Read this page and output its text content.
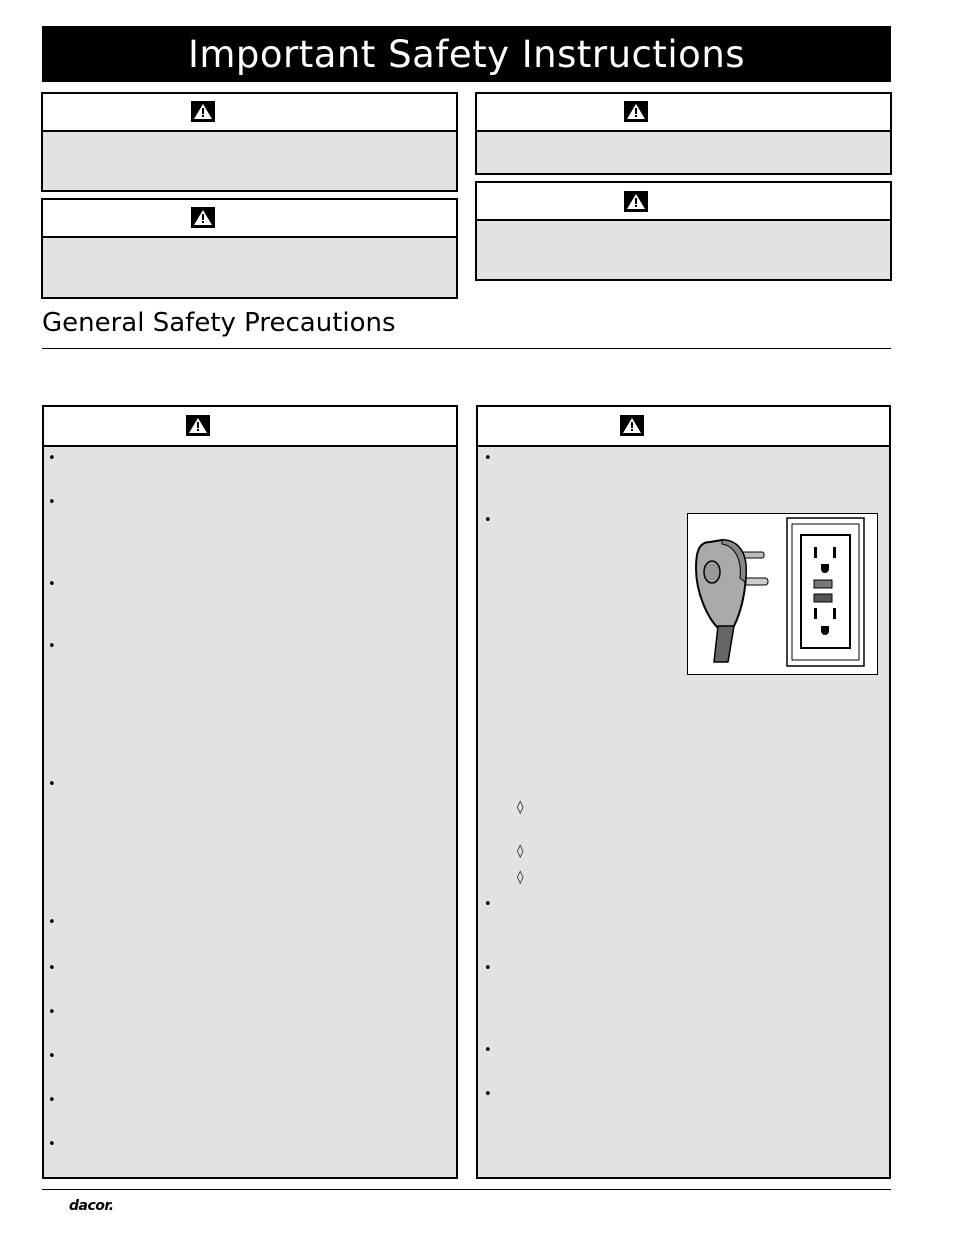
Important Safety Instructions
General Safety Precautions
•
•
•
•
•
•
•
•
•
•
•
•
•
◊
◊
◊
•
•
•
•
dacor.
